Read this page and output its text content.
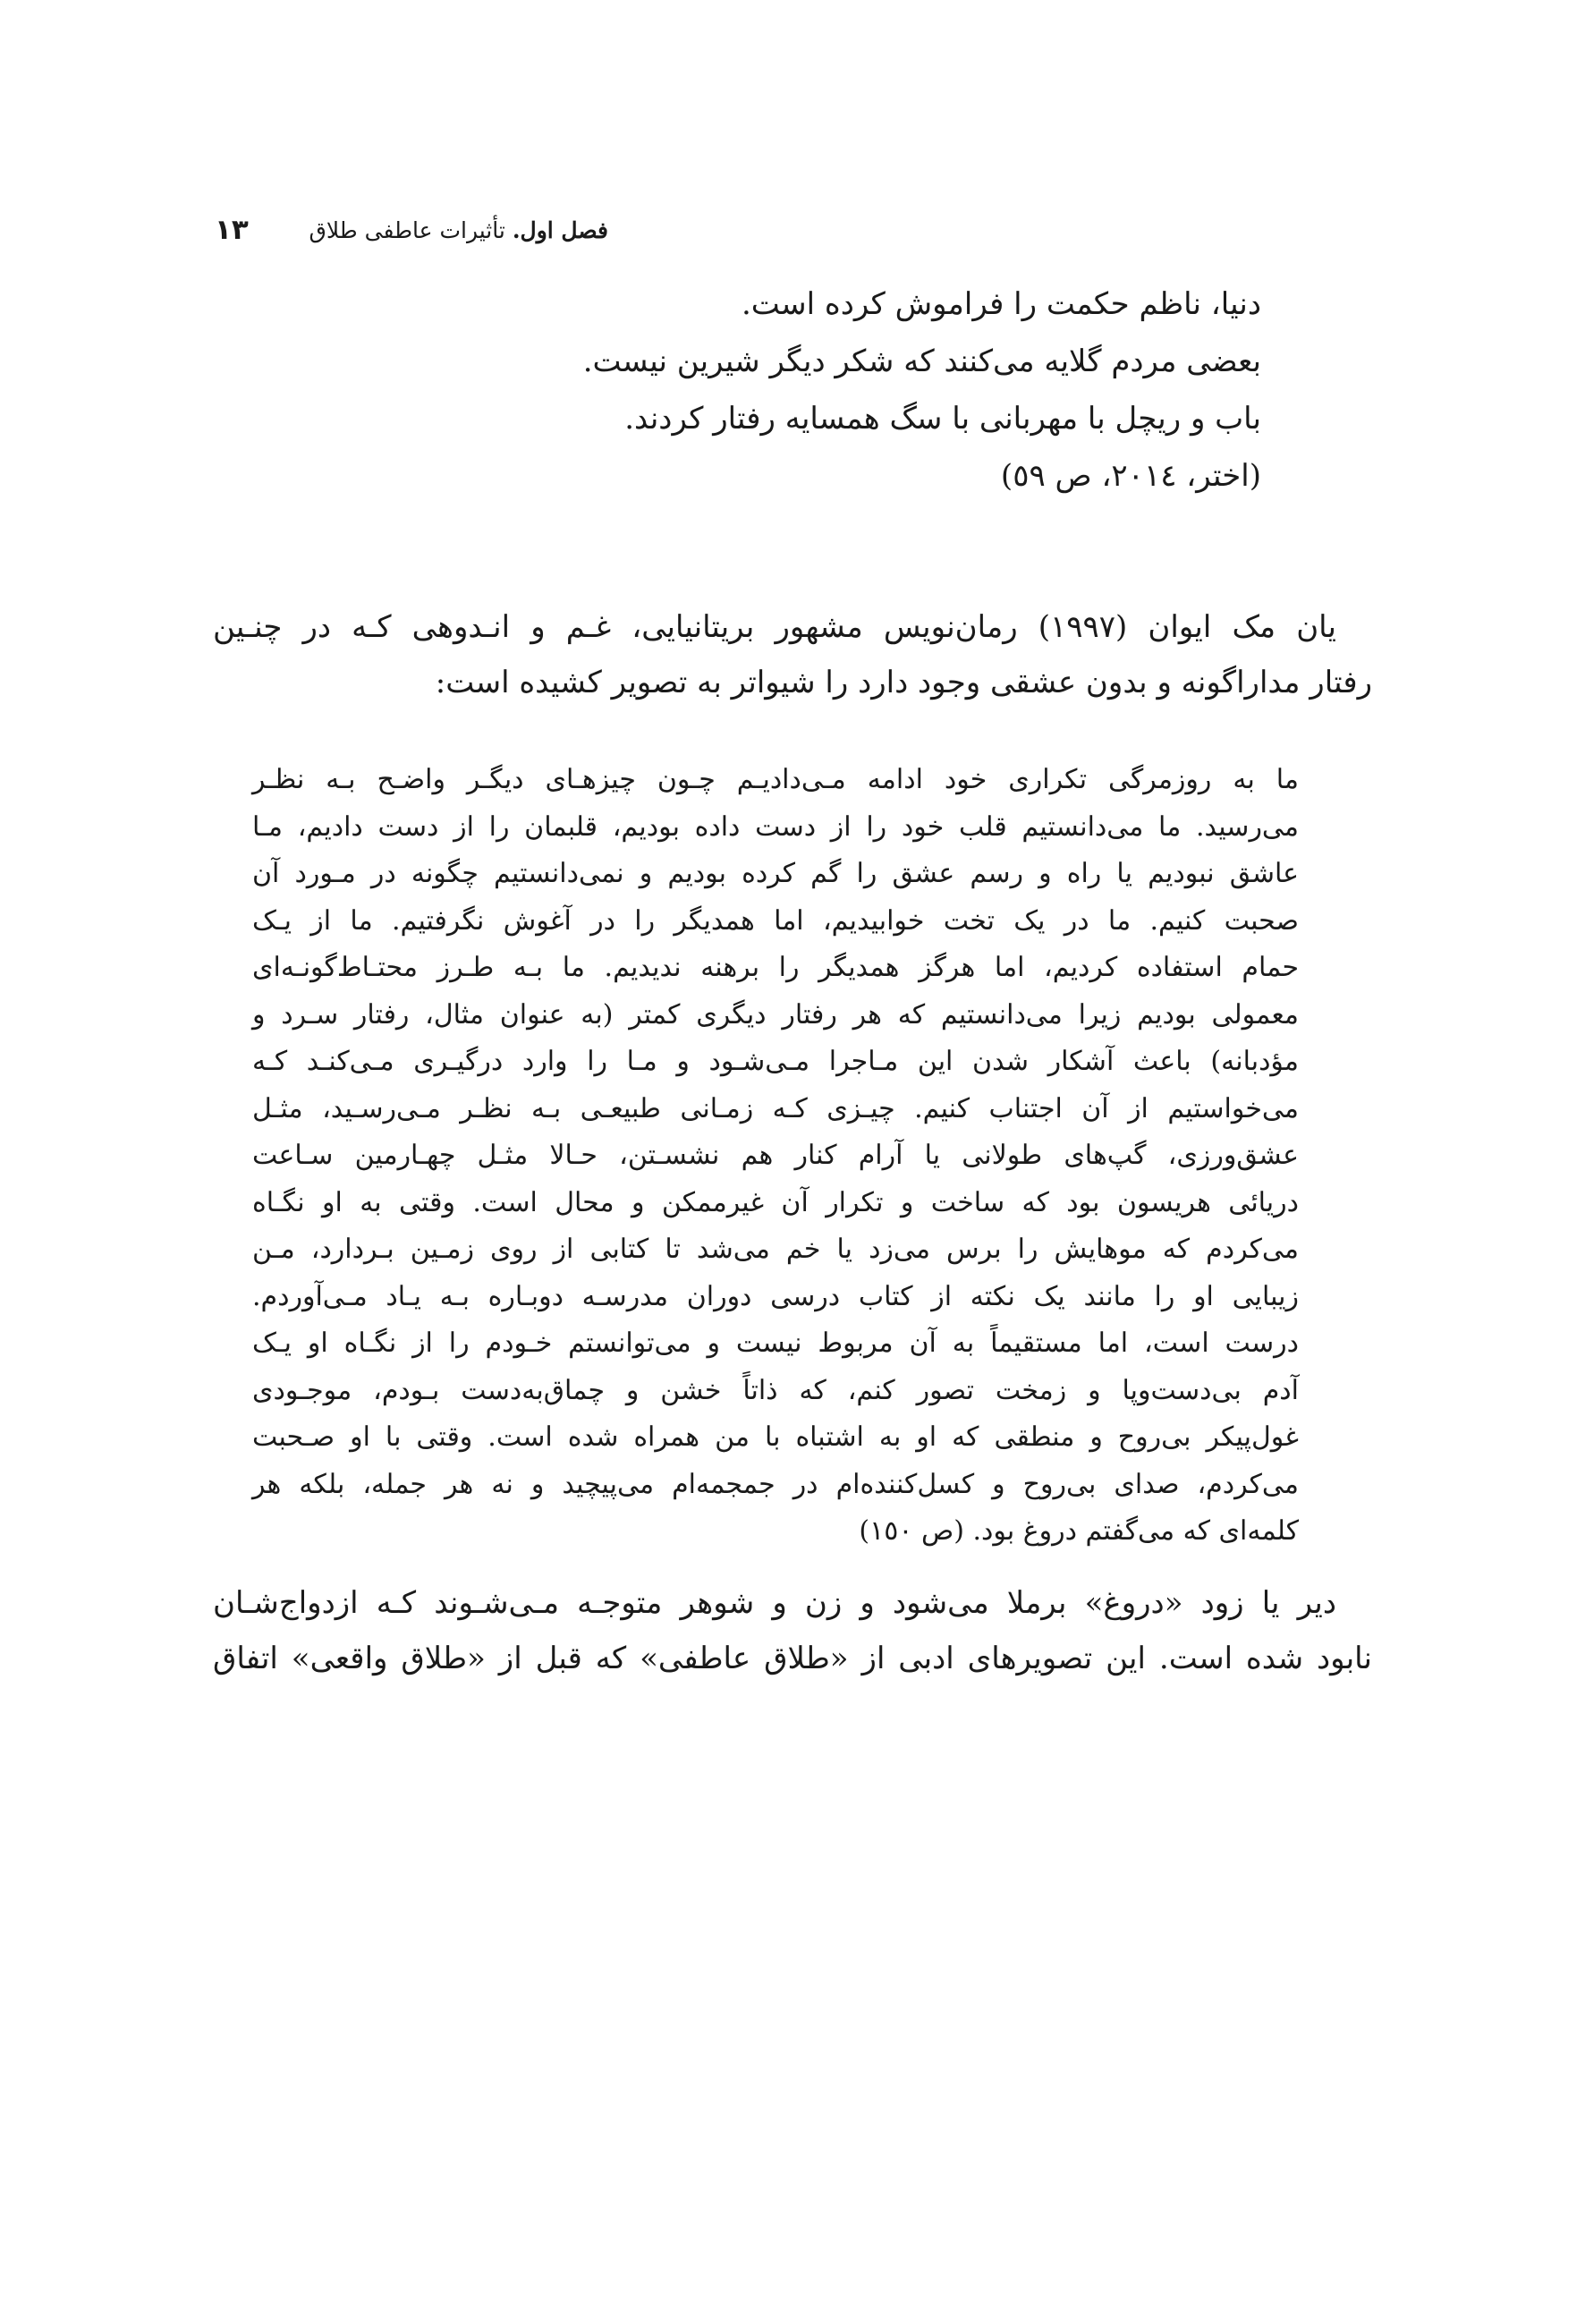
فصل اول.
تأثیرات عاطفی طلاق
۱۳
دنیا، ناظم حکمت را فراموش کرده است.
بعضی مردم گلایه می‌کنند که شکر دیگر شیرین نیست.
باب و ریچل با مهربانی با سگ همسایه رفتار کردند.
(اختر، ٢٠١٤، ص ٥٩)
یان مک ایوان (۱۹۹۷) رمان‌نویس مشهور بریتانیایی، غـم و انـدوهی کـه در چنـین
رفتار مداراگونه و بدون عشقی وجود دارد را شیواتر به تصویر کشیده است:
ما به روزمرگی تکراری خود ادامه مـی‌دادیـم چـون چیزهـای دیگـر واضـح بـه نظـر
می‌رسید. ما می‌دانستیم قلب خود را از دست داده بودیم، قلبمان را از دست دادیم، مـا
عاشق نبودیم یا راه و رسم عشق را گم کرده بودیم و نمی‌دانستیم چگونه در مـورد آن
صحبت کنیم. ما در یک تخت خوابیدیم، اما همدیگر را در آغوش نگرفتیم. ما از یـک
حمام استفاده کردیم، اما هرگز همدیگر را برهنه ندیدیم. ما بـه طـرز محتـاط‌گونـه‌ای
معمولی بودیم زیرا می‌دانستیم که هر رفتار دیگری کمتر (به عنوان مثال، رفتار سـرد و
مؤدبانه) باعث آشکار شدن این مـاجرا مـی‌شـود و مـا را وارد درگیـری مـی‌کنـد کـه
می‌خواستیم از آن اجتناب کنیم. چیـزی کـه زمـانی طبیعـی بـه نظـر مـی‌رسـید، مثـل
عشق‌ورزی، گپ‌های طولانی یا آرام کنار هم نشسـتن، حـالا مثـل چهـارمین سـاعت
دریائی هریسون بود که ساخت و تکرار آن غیرممکن و محال است. وقتی به او نگـاه
می‌کردم که موهایش را برس می‌زد یا خم می‌شد تا کتابی از روی زمـین بـردارد، مـن
زیبایی او را مانند یک نکته از کتاب درسی دوران مدرسـه دوبـاره بـه یـاد مـی‌آوردم.
درست است، اما مستقیماً به آن مربوط نیست و می‌توانستم خـودم را از نگـاه او یـک
آدم بی‌دست‌وپا و زمخت تصور کنم، که ذاتاً خشن و چماق‌به‌دست بـودم، موجـودی
غول‌پیکر بی‌روح و منطقی که او به اشتباه با من همراه شده است. وقتی با او صـحبت
می‌کردم، صدای بی‌روح و کسل‌کننده‌ام در جمجمه‌ام می‌پیچید و نه هر جمله، بلکه هر
کلمه‌ای که می‌گفتم دروغ بود. (ص ١٥٠)
دیر یا زود «دروغ» برملا می‌شود و زن و شوهر متوجـه مـی‌شـوند کـه ازدواج‌شـان
نابود شده است. این تصویرهای ادبی از «طلاق عاطفی» که قبل از «طلاق واقعی» اتفاق
